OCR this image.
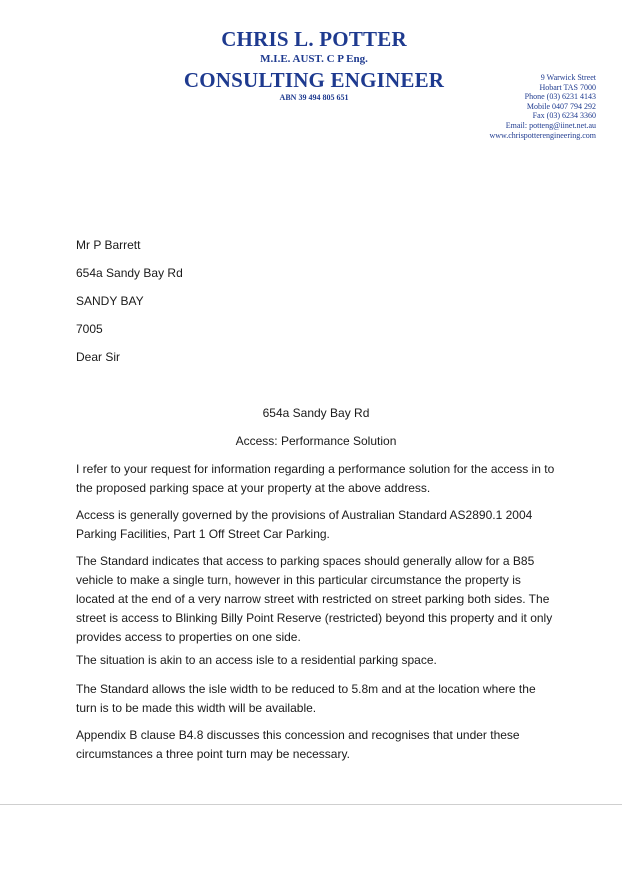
CHRIS L. POTTER
M.I.E. AUST. C P Eng.
CONSULTING ENGINEER
ABN 39 494 805 651
9 Warwick Street
Hobart TAS 7000
Phone (03) 6231 4143
Mobile 0407 794 292
Fax (03) 6234 3360
Email: potteng@iinet.net.au
www.chrispotterengineering.com
Mr P Barrett
654a Sandy Bay Rd
SANDY BAY
7005
Dear Sir
654a Sandy Bay Rd
Access: Performance Solution
I refer to your request for information regarding a performance solution for the access in to the proposed parking space at your property at the above address.
Access is generally governed by the provisions of Australian Standard AS2890.1 2004 Parking Facilities, Part 1 Off Street Car Parking.
The Standard indicates that access to parking spaces should generally allow for a B85 vehicle to make a single turn, however in this particular circumstance the property is located at the end of a very narrow street with restricted on street parking both sides. The street is access to Blinking Billy Point Reserve (restricted) beyond this property and it only provides access to properties on one side.
The situation is akin to an access isle to a residential parking space.
The Standard allows the isle width to be reduced to 5.8m and at the location where the turn is to be made this width will be available.
Appendix B clause B4.8 discusses this concession and recognises that under these circumstances a three point turn may be necessary.
